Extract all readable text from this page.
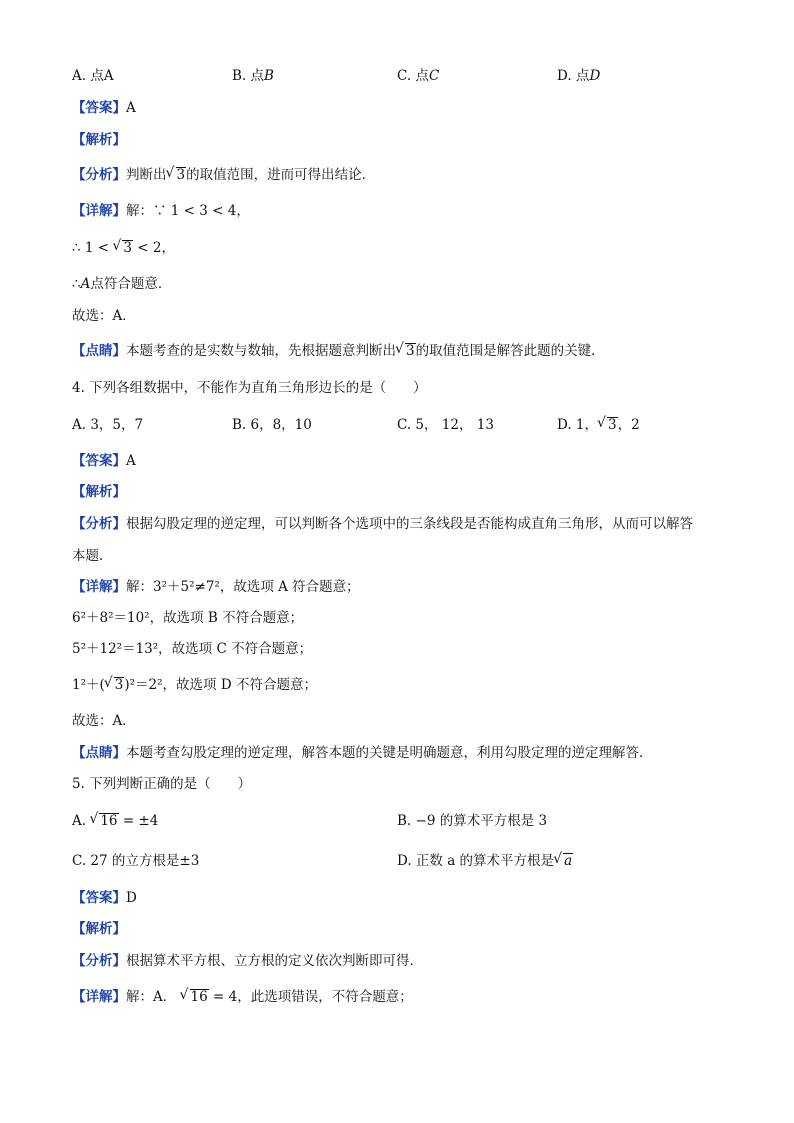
A. 点A	B. 点B	C. 点C	D. 点D
【答案】A
【解析】
【分析】判断出 √ 3的取值范围，进而可得出结论．
【详解】解：∵ 1 < 3 < 4，
∴ 1 < √ 3 < 2，
∴A点符合题意．
故选：A．
【点睛】本题考查的是实数与数轴，先根据题意判断出 √ 3的取值范围是解答此题的关键．
4. 下列各组数据中，不能作为直角三角形边长的是（　　）
A. 3，5，7	B. 6，8，10	C. 5， 12， 13	D. 1， √ 3，2
【答案】A
【解析】
【分析】根据勾股定理的逆定理，可以判断各个选项中的三条线段是否能构成直角三角形，从而可以解答
本题．
【详解】解：3²＋5²≠7²，故选项 A 符合题意；
6²＋8²＝10²，故选项 B 不符合题意；
5²＋12²＝13²，故选项 C 不符合题意；
1²＋( √ 3)²＝2²，故选项 D 不符合题意；
故选：A．
【点睛】本题考查勾股定理的逆定理，解答本题的关键是明确题意，利用勾股定理的逆定理解答．
5. 下列判断正确的是（　　）
A. √ 16 = ±4	B. −9 的算术平方根是 3
C. 27 的立方根是±3	D. 正数 a 的算术平方根是 √ a
【答案】D
【解析】
【分析】根据算术平方根、立方根的定义依次判断即可得．
【详解】解：A． √ 16 = 4，此选项错误，不符合题意；
